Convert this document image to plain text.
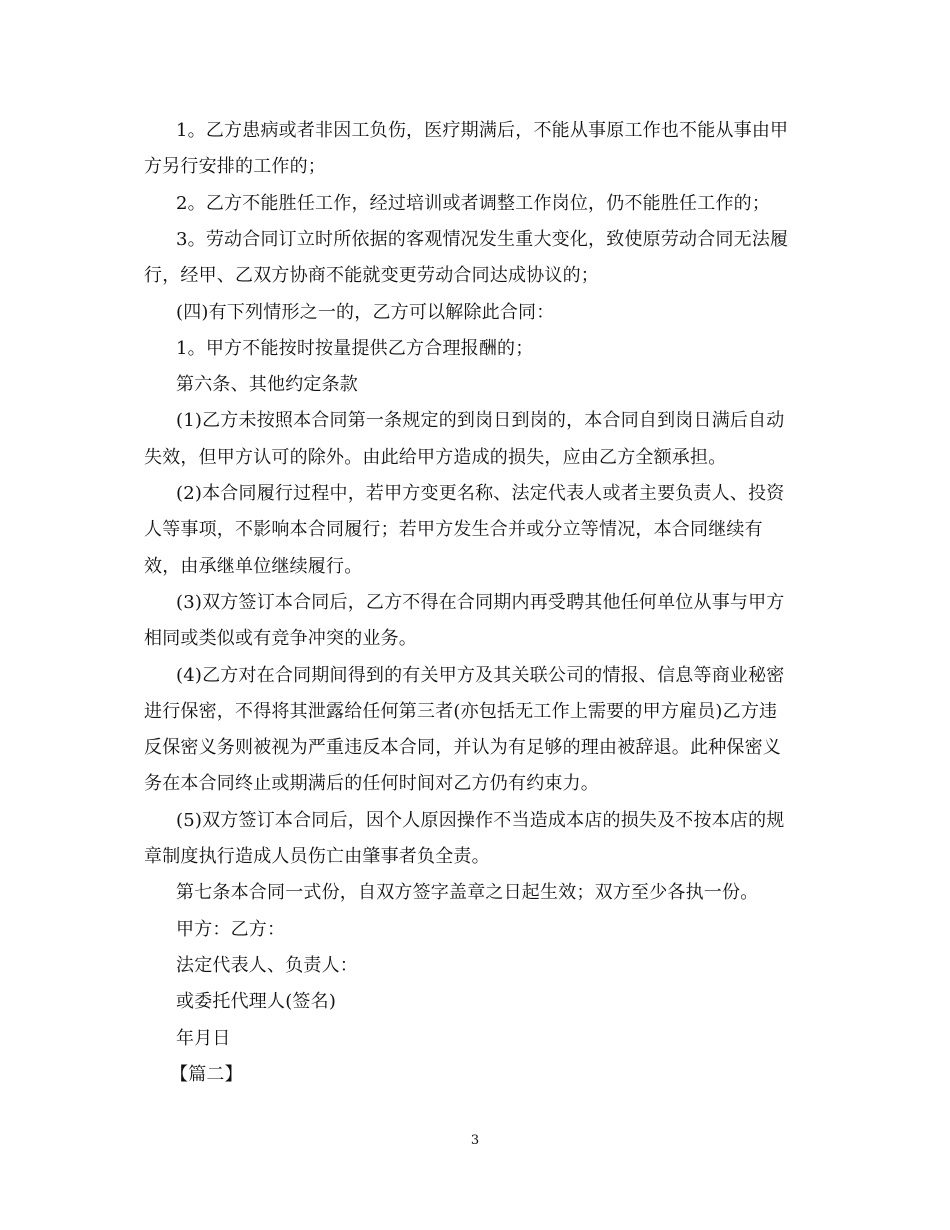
1。乙方患病或者非因工负伤，医疗期满后，不能从事原工作也不能从事由甲
方另行安排的工作的；
2。乙方不能胜任工作，经过培训或者调整工作岗位，仍不能胜任工作的；
3。劳动合同订立时所依据的客观情况发生重大变化，致使原劳动合同无法履
行，经甲、乙双方协商不能就变更劳动合同达成协议的；
(四)有下列情形之一的，乙方可以解除此合同：
1。甲方不能按时按量提供乙方合理报酬的；
第六条、其他约定条款
(1)乙方未按照本合同第一条规定的到岗日到岗的，本合同自到岗日满后自动
失效，但甲方认可的除外。由此给甲方造成的损失，应由乙方全额承担。
(2)本合同履行过程中，若甲方变更名称、法定代表人或者主要负责人、投资
人等事项，不影响本合同履行；若甲方发生合并或分立等情况，本合同继续有
效，由承继单位继续履行。
(3)双方签订本合同后，乙方不得在合同期内再受聘其他任何单位从事与甲方
相同或类似或有竞争冲突的业务。
(4)乙方对在合同期间得到的有关甲方及其关联公司的情报、信息等商业秘密
进行保密，不得将其泄露给任何第三者(亦包括无工作上需要的甲方雇员)乙方违
反保密义务则被视为严重违反本合同，并认为有足够的理由被辞退。此种保密义
务在本合同终止或期满后的任何时间对乙方仍有约束力。
(5)双方签订本合同后，因个人原因操作不当造成本店的损失及不按本店的规
章制度执行造成人员伤亡由肇事者负全责。
第七条本合同一式份，自双方签字盖章之日起生效；双方至少各执一份。
甲方：乙方：
法定代表人、负责人：
或委托代理人(签名)
年月日
【篇二】
3
